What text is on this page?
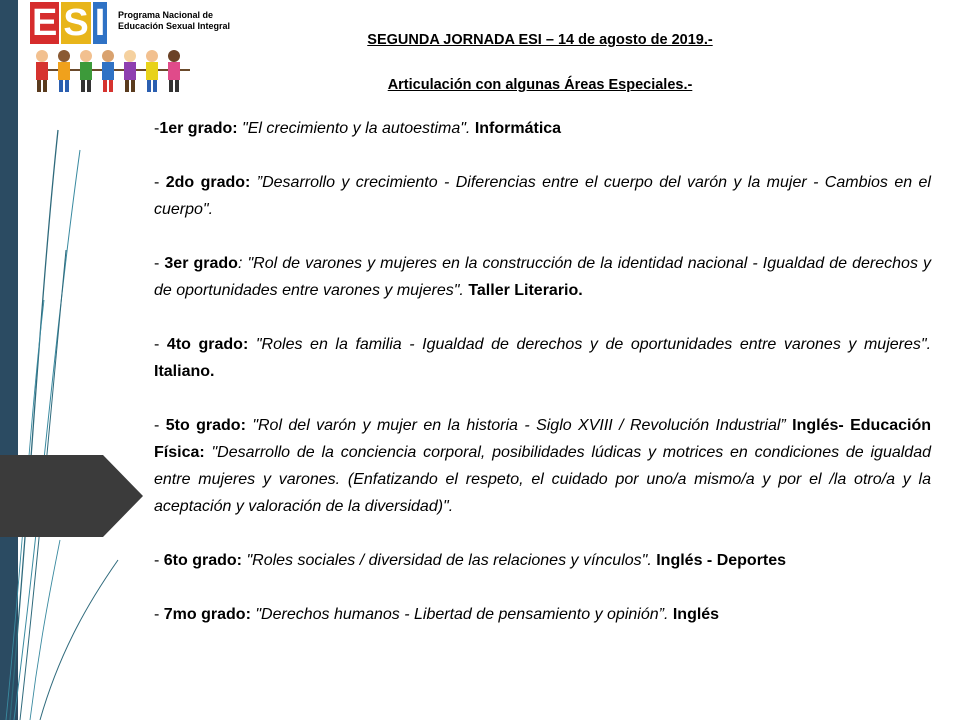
E S I Programa Nacional de
Educación Sexual Integral
SEGUNDA JORNADA ESI – 14 de agosto de 2019.-
Articulación con algunas Áreas Especiales.-

-1er grado: "El crecimiento y la autoestima". Informática

- 2do grado: ”Desarrollo y crecimiento - Diferencias entre el cuerpo del varón y la mujer - Cambios en el cuerpo".

- 3er grado: "Rol de varones y mujeres en la construcción de la identidad nacional - Igualdad de derechos y de oportunidades entre varones y mujeres". Taller Literario.

- 4to grado: "Roles en la familia - Igualdad de derechos y de oportunidades entre varones y mujeres". Italiano.

- 5to grado: "Rol del varón y mujer en la historia - Siglo XVIII / Revolución Industrial” Inglés- Educación Física: "Desarrollo de la conciencia corporal, posibilidades lúdicas y motrices en condiciones de igualdad entre mujeres y varones. (Enfatizando el respeto, el cuidado por uno/a mismo/a y por el /la otro/a y la aceptación y valoración de la diversidad)".

- 6to grado: "Roles sociales / diversidad de las relaciones y vínculos". Inglés - Deportes

- 7mo grado: "Derechos humanos - Libertad de pensamiento y opinión”. Inglés
